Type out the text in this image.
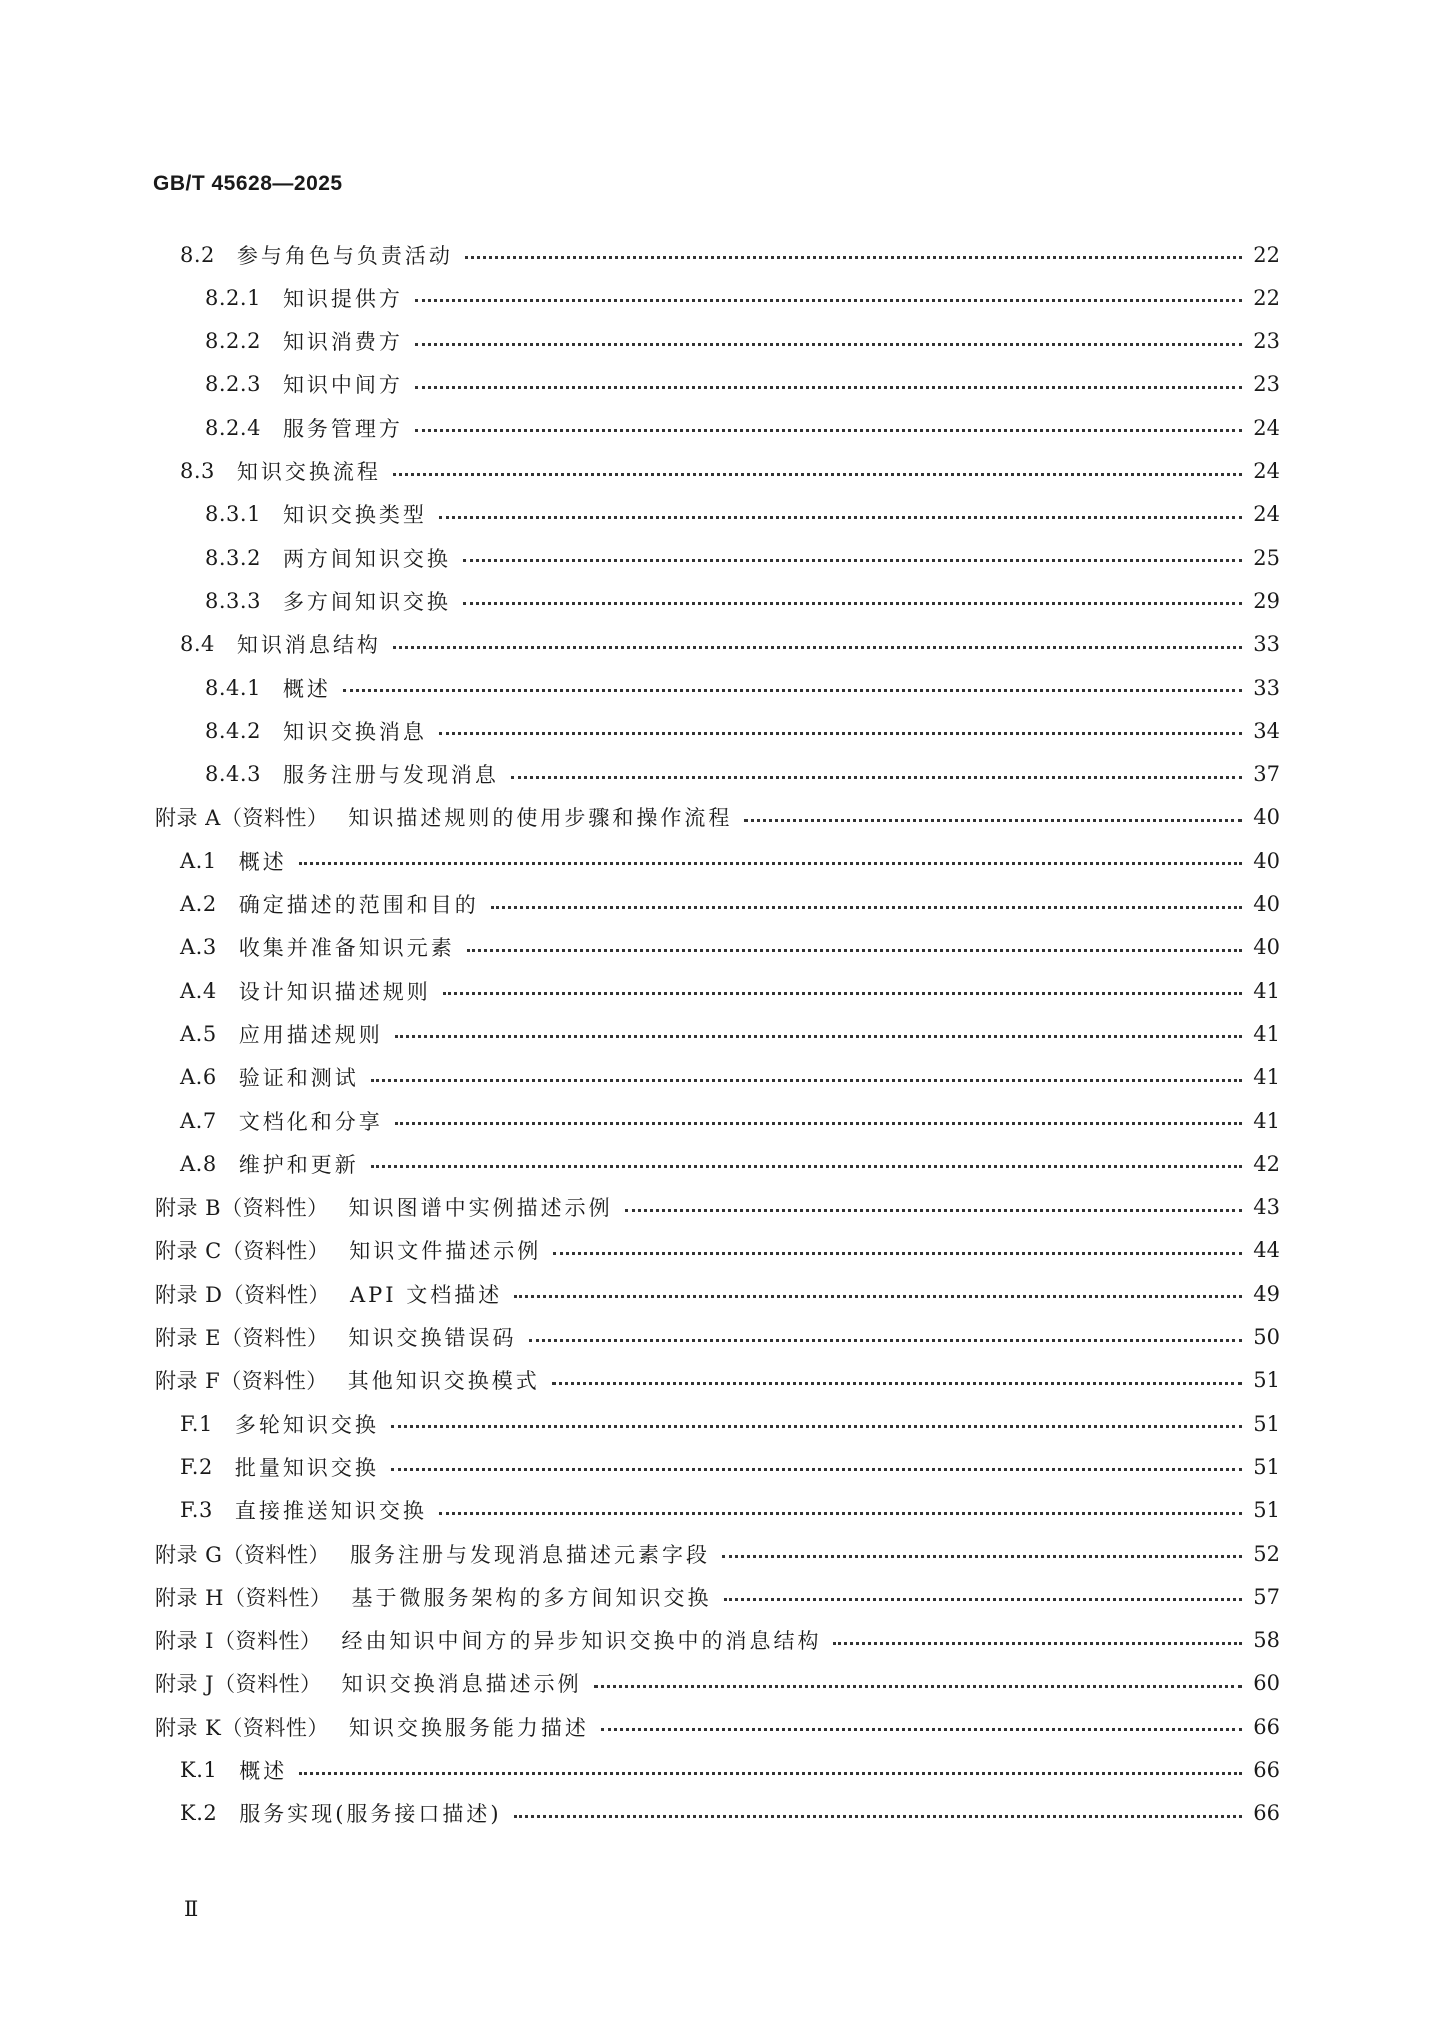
GB/T 45628—2025
8.2 参与角色与负责活动	22
8.2.1 知识提供方	22
8.2.2 知识消费方	23
8.2.3 知识中间方	23
8.2.4 服务管理方	24
8.3 知识交换流程	24
8.3.1 知识交换类型	24
8.3.2 两方间知识交换	25
8.3.3 多方间知识交换	29
8.4 知识消息结构	33
8.4.1 概述	33
8.4.2 知识交换消息	34
8.4.3 服务注册与发现消息	37
附录 A（资料性） 知识描述规则的使用步骤和操作流程	40
A.1 概述	40
A.2 确定描述的范围和目的	40
A.3 收集并准备知识元素	40
A.4 设计知识描述规则	41
A.5 应用描述规则	41
A.6 验证和测试	41
A.7 文档化和分享	41
A.8 维护和更新	42
附录 B（资料性） 知识图谱中实例描述示例	43
附录 C（资料性） 知识文件描述示例	44
附录 D（资料性） API 文档描述	49
附录 E（资料性） 知识交换错误码	50
附录 F（资料性） 其他知识交换模式	51
F.1 多轮知识交换	51
F.2 批量知识交换	51
F.3 直接推送知识交换	51
附录 G（资料性） 服务注册与发现消息描述元素字段	52
附录 H（资料性） 基于微服务架构的多方间知识交换	57
附录 I（资料性） 经由知识中间方的异步知识交换中的消息结构	58
附录 J（资料性） 知识交换消息描述示例	60
附录 K（资料性） 知识交换服务能力描述	66
K.1 概述	66
K.2 服务实现(服务接口描述)	66
Ⅱ
